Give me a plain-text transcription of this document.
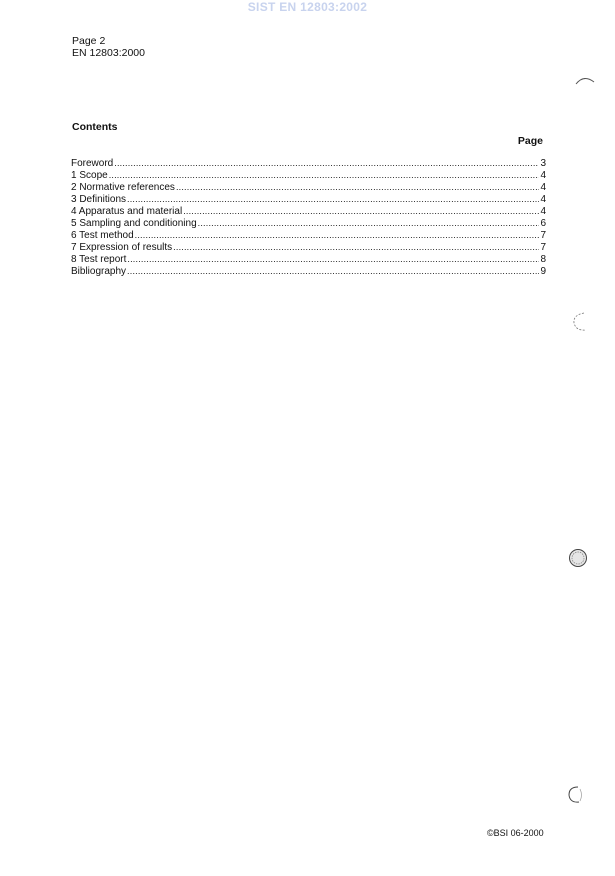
SIST EN 12803:2002
Page 2
EN 12803:2000
Contents
Page
Foreword .....	3
1 Scope .....	4
2 Normative references .....	4
3 Definitions .....	4
4 Apparatus and material .....	4
5 Sampling and conditioning .....	6
6 Test method .....	7
7 Expression of results .....	7
8 Test report .....	8
Bibliography .....	9
©BSI 06-2000
